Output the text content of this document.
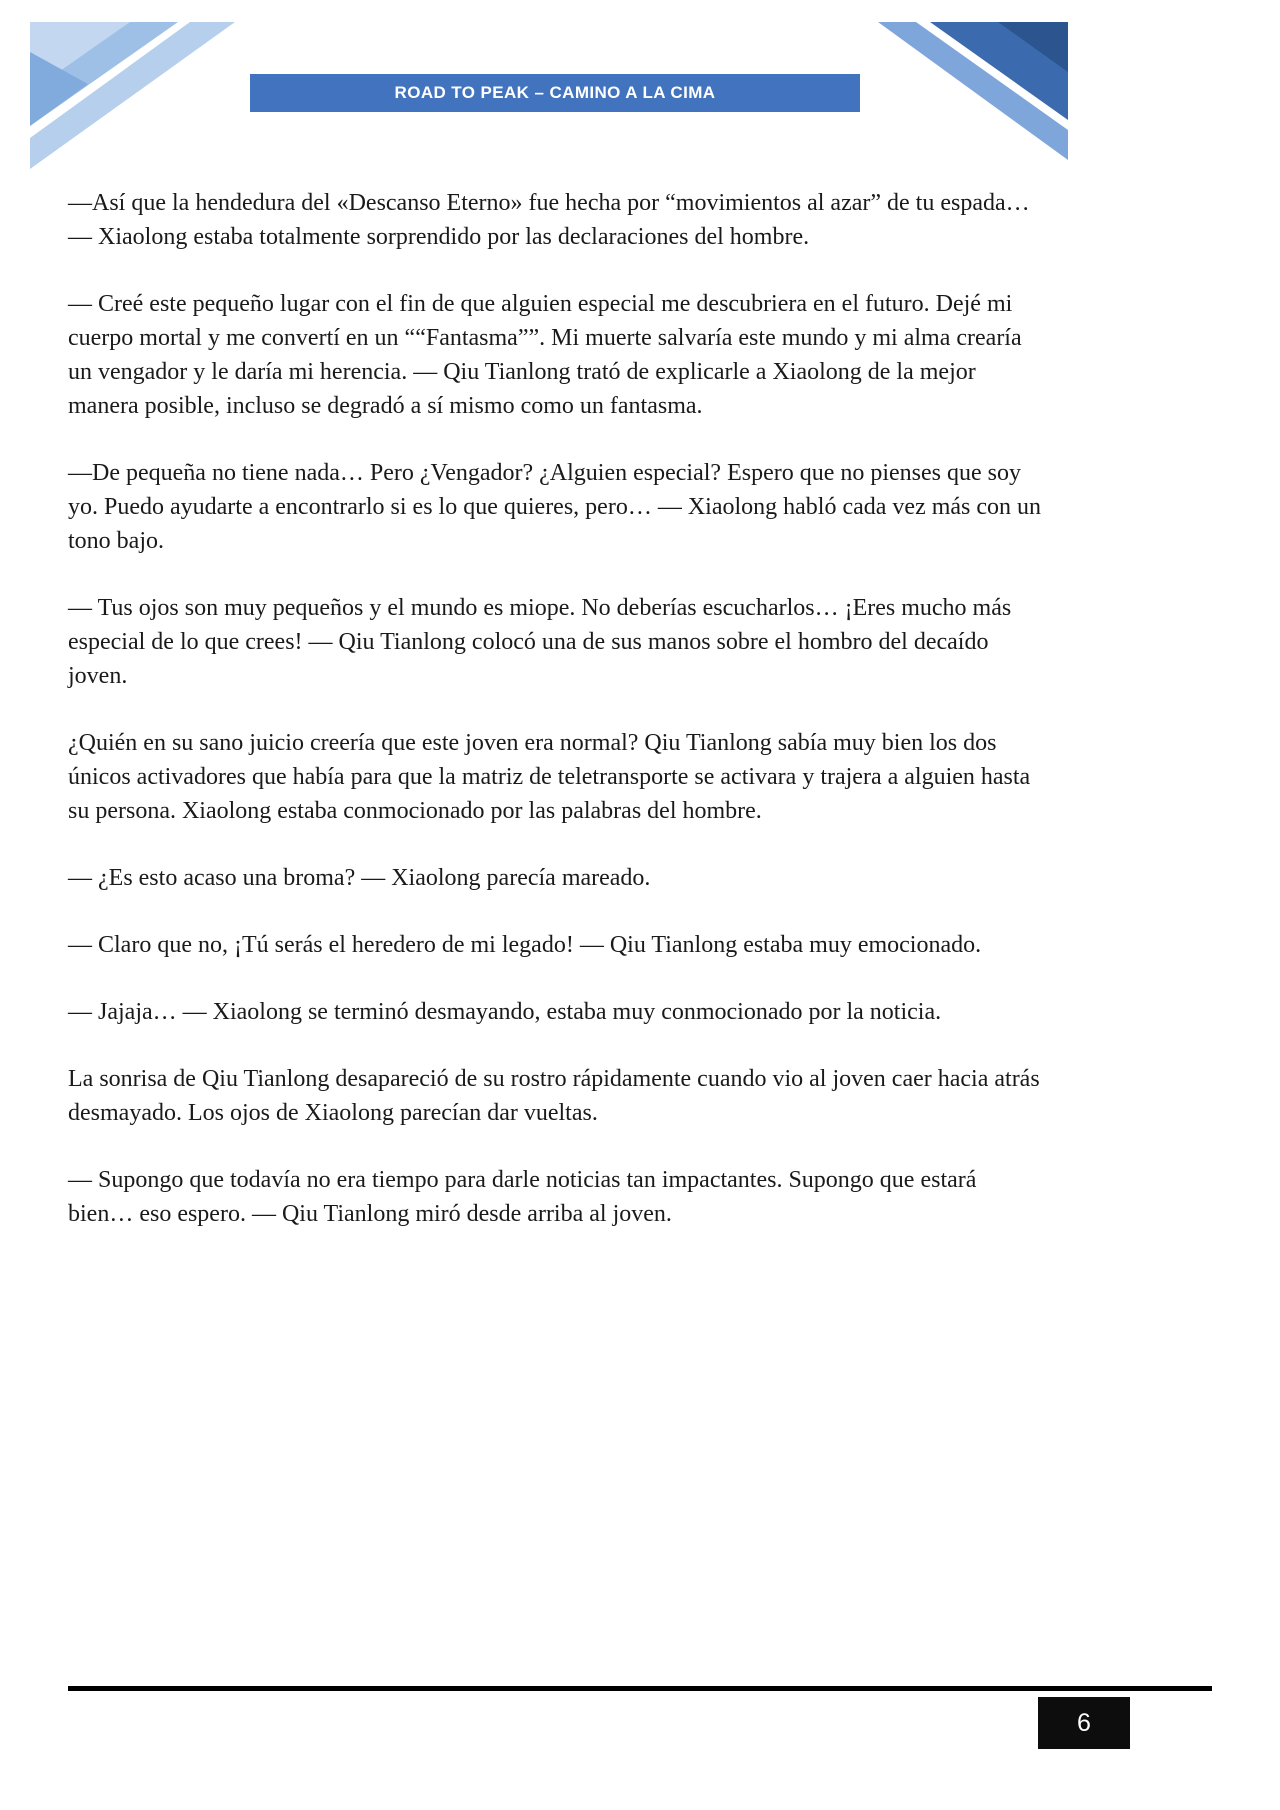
ROAD TO PEAK – CAMINO A LA CIMA

—Así que la hendedura del «Descanso Eterno» fue hecha por “movimientos al azar” de tu espada…— Xiaolong estaba totalmente sorprendido por las declaraciones del hombre.

— Creé este pequeño lugar con el fin de que alguien especial me descubriera en el futuro. Dejé mi cuerpo mortal y me convertí en un ““Fantasma””. Mi muerte salvaría este mundo y mi alma crearía un vengador y le daría mi herencia. — Qiu Tianlong trató de explicarle a Xiaolong de la mejor manera posible, incluso se degradó a sí mismo como un fantasma.

—De pequeña no tiene nada… Pero ¿Vengador? ¿Alguien especial? Espero que no pienses que soy yo. Puedo ayudarte a encontrarlo si es lo que quieres, pero… — Xiaolong habló cada vez más con un tono bajo.

— Tus ojos son muy pequeños y el mundo es miope. No deberías escucharlos… ¡Eres mucho más especial de lo que crees! — Qiu Tianlong colocó una de sus manos sobre el hombro del decaído joven.

¿Quién en su sano juicio creería que este joven era normal? Qiu Tianlong sabía muy bien los dos únicos activadores que había para que la matriz de teletransporte se activara y trajera a alguien hasta su persona. Xiaolong estaba conmocionado por las palabras del hombre.

— ¿Es esto acaso una broma? — Xiaolong parecía mareado.

— Claro que no, ¡Tú serás el heredero de mi legado! — Qiu Tianlong estaba muy emocionado.

— Jajaja… — Xiaolong se terminó desmayando, estaba muy conmocionado por la noticia.

La sonrisa de Qiu Tianlong desapareció de su rostro rápidamente cuando vio al joven caer hacia atrás desmayado. Los ojos de Xiaolong parecían dar vueltas.

— Supongo que todavía no era tiempo para darle noticias tan impactantes. Supongo que estará bien… eso espero. — Qiu Tianlong miró desde arriba al joven.

6
